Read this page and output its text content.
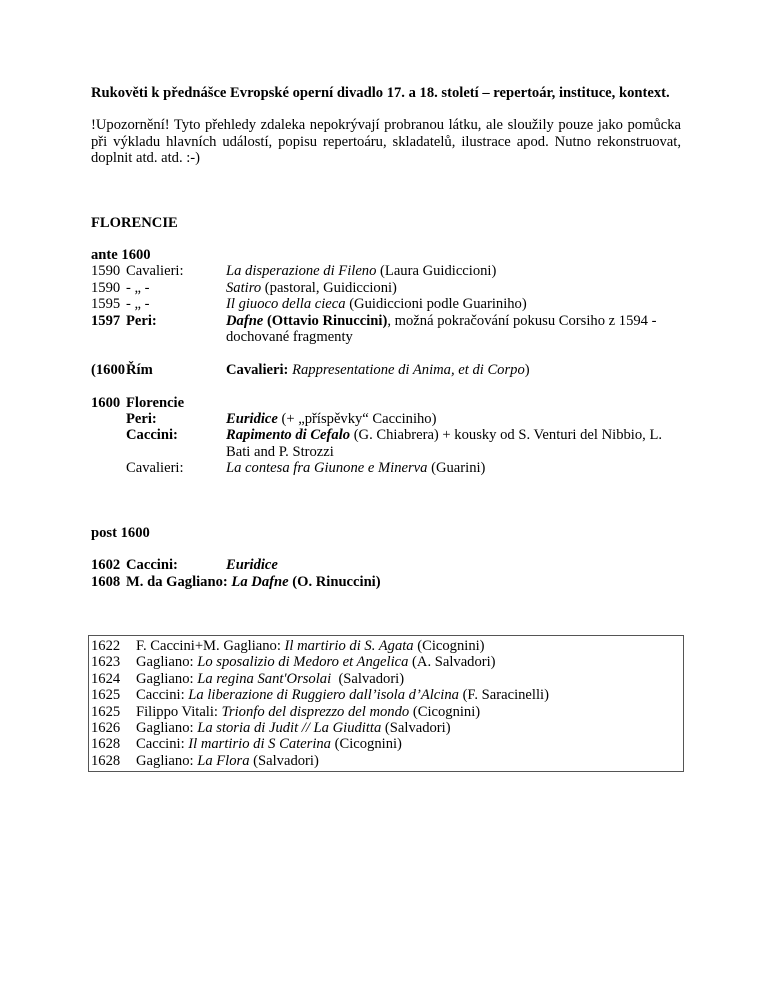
Rukověti k přednášce Evropské operní divadlo 17. a 18. století – repertoár, instituce, kontext.

!Upozornění! Tyto přehledy zdaleka nepokrývají probranou látku, ale sloužily pouze jako pomůcka při výkladu hlavních událostí, popisu repertoáru, skladatelů, ilustrace apod. Nutno rekonstruovat, doplnit atd. atd. :-)

FLORENCIE

ante 1600
1590	Cavalieri:	La disperazione di Fileno (Laura Guidiccioni)
1590	- „ -	Satiro (pastoral, Guidiccioni)
1595	- „ -	Il giuoco della cieca (Guidiccioni podle Guariniho)
1597	Peri:	Dafne (Ottavio Rinuccini), možná pokračování pokusu Corsiho z 1594 - dochované fragmenty

(1600	Řím	Cavalieri: Rappresentatione di Anima, et di Corpo)

1600	Florencie	
	Peri:	Euridice (+ „příspěvky“ Cacciniho)
	Caccini:	Rapimento di Cefalo (G. Chiabrera) + kousky od S. Venturi del Nibbio, L. Bati and P. Strozzi
	Cavalieri:	La contesa fra Giunone e Minerva (Guarini)

post 1600

1602	Caccini:	Euridice
1608	M. da Gagliano: La Dafne (O. Rinuccini)	
1622	F. Caccini+M. Gagliano: Il martirio di S. Agata (Cicognini)
1623	Gagliano: Lo sposalizio di Medoro et Angelica (A. Salvadori)
1624	Gagliano: La regina Sant'Orsolai  (Salvadori)
1625	Caccini: La liberazione di Ruggiero dall’isola d’Alcina (F. Saracinelli)
1625	Filippo Vitali: Trionfo del disprezzo del mondo (Cicognini)
1626	Gagliano: La storia di Judit // La Giuditta (Salvadori)
1628	Caccini: Il martirio di S Caterina (Cicognini)
1628	Gagliano: La Flora (Salvadori)
